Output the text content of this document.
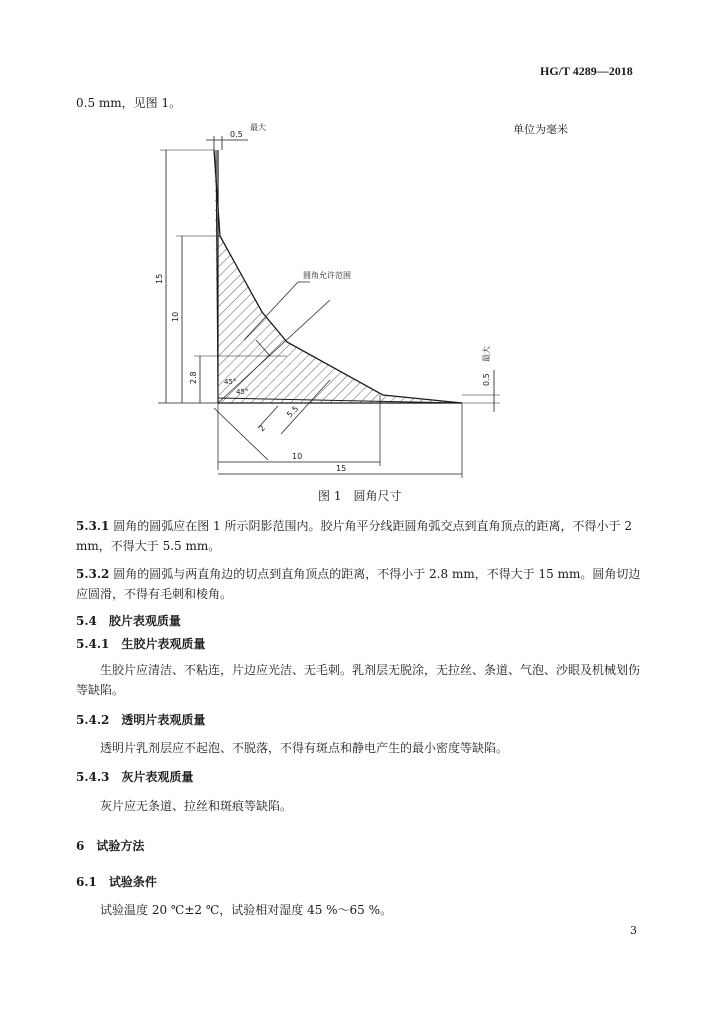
HG/T 4289—2018
0.5 mm，见图 1。
单位为毫米
0.5
最大
15
10
2.8
圆角允许范围
45°
45°
2
5.5
10
15
最大
0.5
图 1　圆角尺寸
5.3.1 圆角的圆弧应在图 1 所示阴影范围内。胶片角平分线距圆角弧交点到直角顶点的距离，不得小于 2 mm，不得大于 5.5 mm。
5.3.2 圆角的圆弧与两直角边的切点到直角顶点的距离，不得小于 2.8 mm，不得大于 15 mm。圆角切边应圆滑，不得有毛刺和棱角。
5.4　胶片表观质量
5.4.1　生胶片表观质量
生胶片应清洁、不粘连，片边应光洁、无毛刺。乳剂层无脱涂，无拉丝、条道、气泡、沙眼及机械划伤等缺陷。
5.4.2　透明片表观质量
透明片乳剂层应不起泡、不脱落，不得有斑点和静电产生的最小密度等缺陷。
5.4.3　灰片表观质量
灰片应无条道、拉丝和斑痕等缺陷。
6　试验方法
6.1　试验条件
试验温度 20 ℃±2 ℃，试验相对湿度 45 %～65 %。
3
